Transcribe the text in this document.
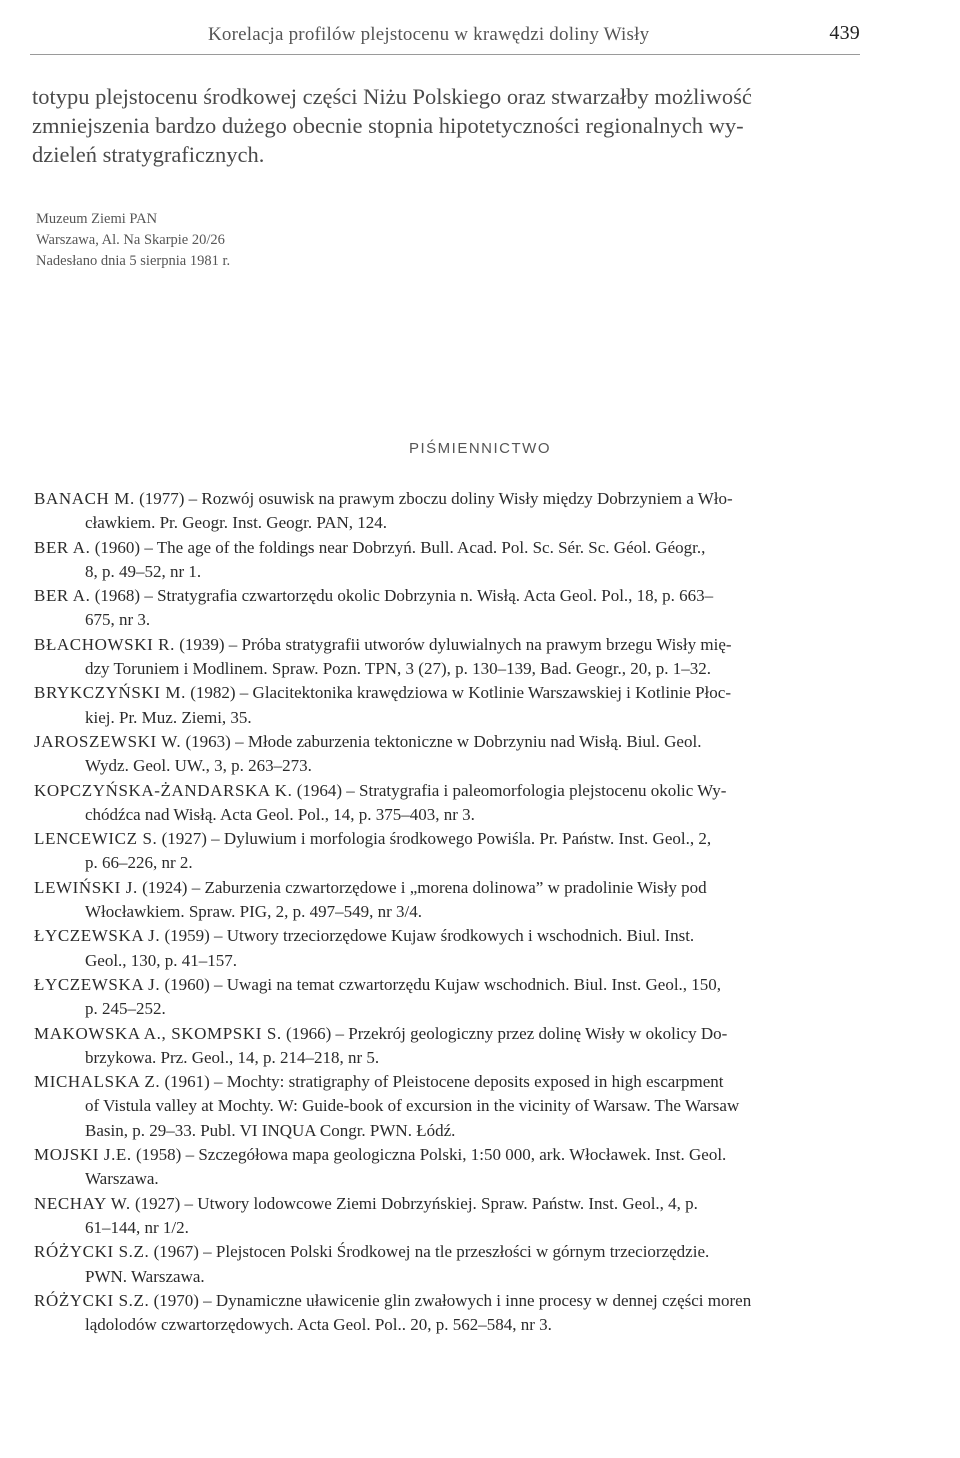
Korelacja profilów plejstocenu w krawędzi doliny Wisły	439
totypu plejstocenu środkowej części Niżu Polskiego oraz stwarzałby możliwość
zmniejszenia bardzo dużego obecnie stopnia hipotetyczności regionalnych wy-
dzieleń stratygraficznych.
Muzeum Ziemi PAN
Warszawa, Al. Na Skarpie 20/26
Nadesłano dnia 5 sierpnia 1981 r.
PIŚMIENNICTWO
BANACH M. (1977) – Rozwój osuwisk na prawym zboczu doliny Wisły między Dobrzyniem a Wło-
cławkiem. Pr. Geogr. Inst. Geogr. PAN, 124.
BER A. (1960) – The age of the foldings near Dobrzyń. Bull. Acad. Pol. Sc. Sér. Sc. Géol. Géogr.,
8, p. 49–52, nr 1.
BER A. (1968) – Stratygrafia czwartorzędu okolic Dobrzynia n. Wisłą. Acta Geol. Pol., 18, p. 663–
675, nr 3.
BŁACHOWSKI R. (1939) – Próba stratygrafii utworów dyluwialnych na prawym brzegu Wisły mię-
dzy Toruniem i Modlinem. Spraw. Pozn. TPN, 3 (27), p. 130–139, Bad. Geogr., 20, p. 1–32.
BRYKCZYŃSKI M. (1982) – Glacitektonika krawędziowa w Kotlinie Warszawskiej i Kotlinie Płoc-
kiej. Pr. Muz. Ziemi, 35.
JAROSZEWSKI W. (1963) – Młode zaburzenia tektoniczne w Dobrzyniu nad Wisłą. Biul. Geol.
Wydz. Geol. UW., 3, p. 263–273.
KOPCZYŃSKA-ŻANDARSKA K. (1964) – Stratygrafia i paleomorfologia plejstocenu okolic Wy-
chódźca nad Wisłą. Acta Geol. Pol., 14, p. 375–403, nr 3.
LENCEWICZ S. (1927) – Dyluwium i morfologia środkowego Powiśla. Pr. Państw. Inst. Geol., 2,
p. 66–226, nr 2.
LEWIŃSKI J. (1924) – Zaburzenia czwartorzędowe i „morena dolinowa” w pradolinie Wisły pod
Włocławkiem. Spraw. PIG, 2, p. 497–549, nr 3/4.
ŁYCZEWSKA J. (1959) – Utwory trzeciorzędowe Kujaw środkowych i wschodnich. Biul. Inst.
Geol., 130, p. 41–157.
ŁYCZEWSKA J. (1960) – Uwagi na temat czwartorzędu Kujaw wschodnich. Biul. Inst. Geol., 150,
p. 245–252.
MAKOWSKA A., SKOMPSKI S. (1966) – Przekrój geologiczny przez dolinę Wisły w okolicy Do-
brzykowa. Prz. Geol., 14, p. 214–218, nr 5.
MICHALSKA Z. (1961) – Mochty: stratigraphy of Pleistocene deposits exposed in high escarpment
of Vistula valley at Mochty. W: Guide-book of excursion in the vicinity of Warsaw. The Warsaw
Basin, p. 29–33. Publ. VI INQUA Congr. PWN. Łódź.
MOJSKI J.E. (1958) – Szczegółowa mapa geologiczna Polski, 1:50 000, ark. Włocławek. Inst. Geol.
Warszawa.
NECHAY W. (1927) – Utwory lodowcowe Ziemi Dobrzyńskiej. Spraw. Państw. Inst. Geol., 4, p.
61–144, nr 1/2.
RÓŻYCKI S.Z. (1967) – Plejstocen Polski Środkowej na tle przeszłości w górnym trzeciorzędzie.
PWN. Warszawa.
RÓŻYCKI S.Z. (1970) – Dynamiczne uławicenie glin zwałowych i inne procesy w dennej części moren
lądolodów czwartorzędowych. Acta Geol. Pol.. 20, p. 562–584, nr 3.
